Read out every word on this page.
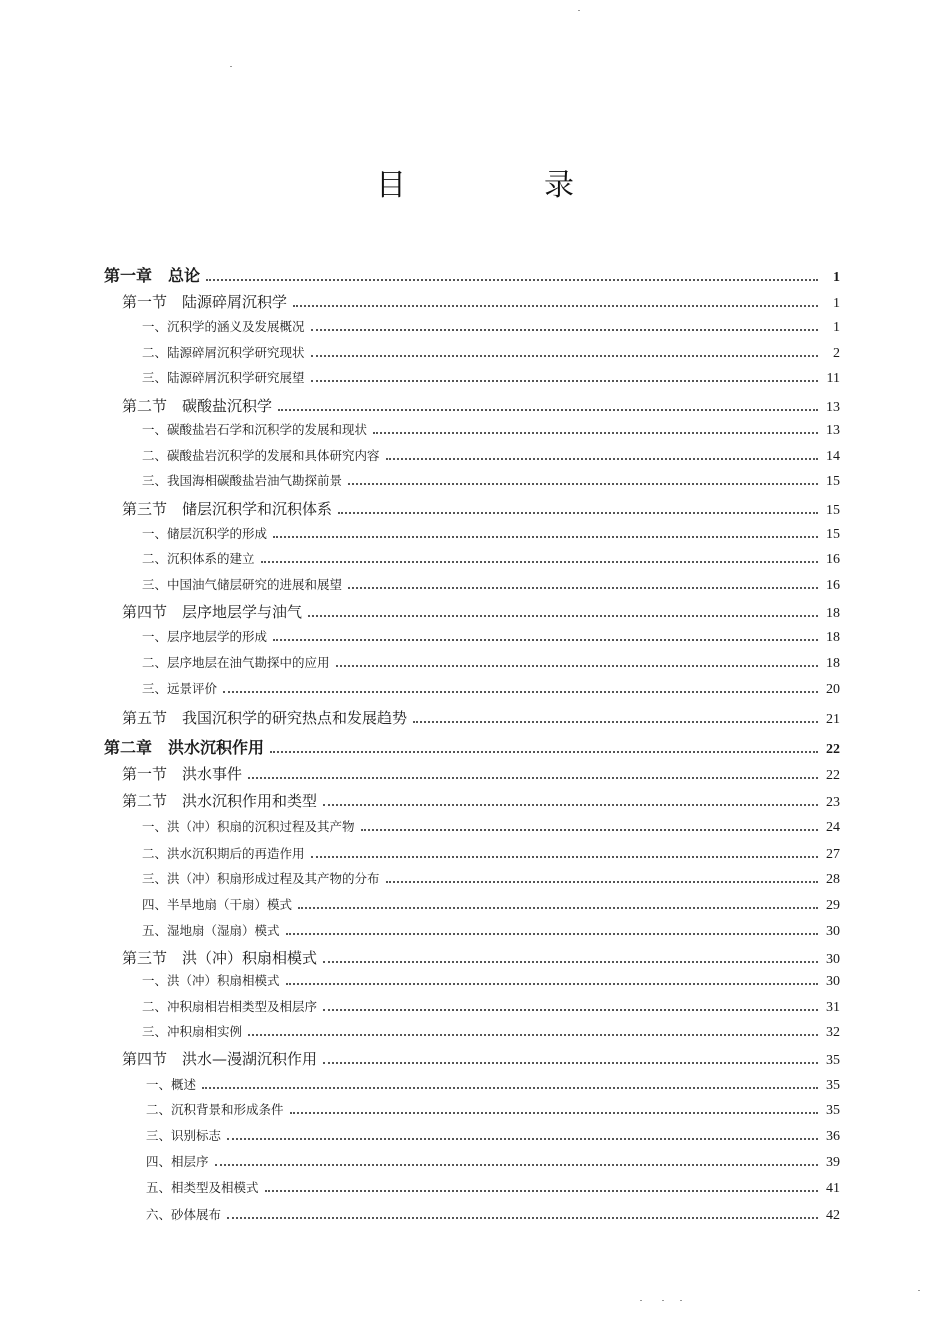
目　录
第一章　总论	1
第一节　陆源碎屑沉积学	1
一、沉积学的涵义及发展概况	1
二、陆源碎屑沉积学研究现状	2
三、陆源碎屑沉积学研究展望	11
第二节　碳酸盐沉积学	13
一、碳酸盐岩石学和沉积学的发展和现状	13
二、碳酸盐岩沉积学的发展和具体研究内容	14
三、我国海相碳酸盐岩油气勘探前景	15
第三节　储层沉积学和沉积体系	15
一、储层沉积学的形成	15
二、沉积体系的建立	16
三、中国油气储层研究的进展和展望	16
第四节　层序地层学与油气	18
一、层序地层学的形成	18
二、层序地层在油气勘探中的应用	18
三、远景评价	20
第五节　我国沉积学的研究热点和发展趋势	21
第二章　洪水沉积作用	22
第一节　洪水事件	22
第二节　洪水沉积作用和类型	23
一、洪（冲）积扇的沉积过程及其产物	24
二、洪水沉积期后的再造作用	27
三、洪（冲）积扇形成过程及其产物的分布	28
四、半旱地扇（干扇）模式	29
五、湿地扇（湿扇）模式	30
第三节　洪（冲）积扇相模式	30
一、洪（冲）积扇相模式	30
二、冲积扇相岩相类型及相层序	31
三、冲积扇相实例	32
第四节　洪水—漫湖沉积作用	35
一、概述	35
二、沉积背景和形成条件	35
三、识别标志	36
四、相层序	39
五、相类型及相模式	41
六、砂体展布	42
